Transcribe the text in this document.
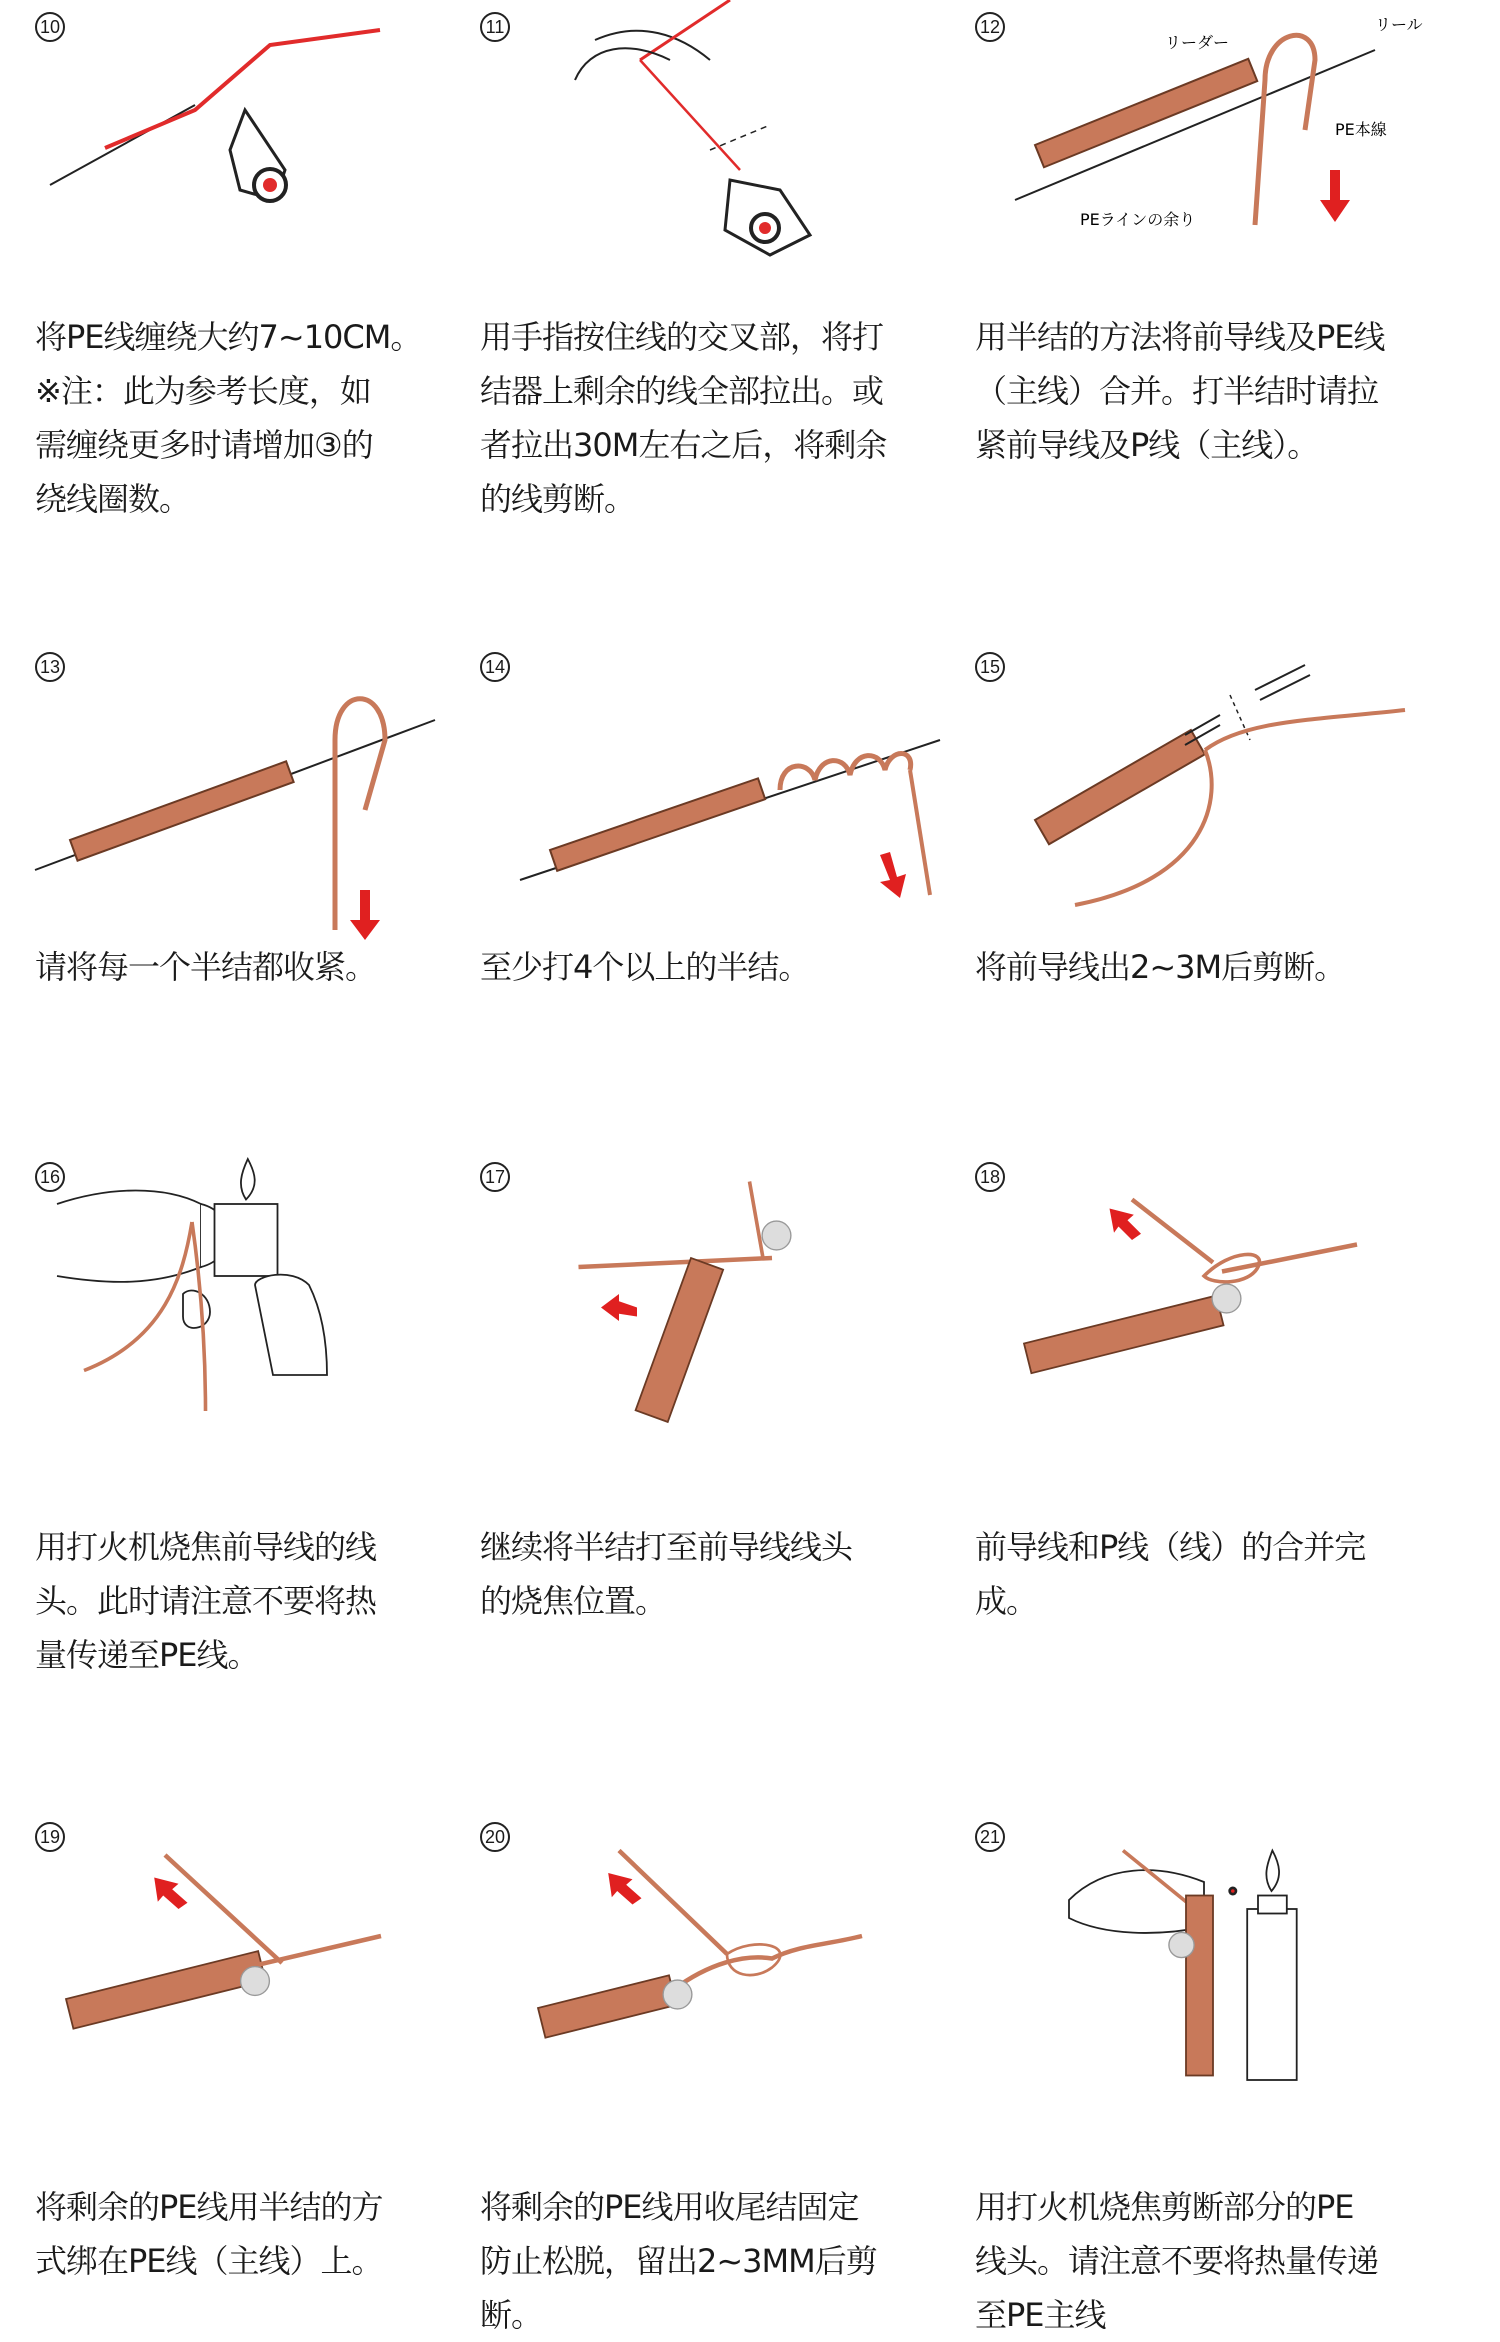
10
将PE线缠绕大约7~10CM。
※注：此为参考长度，如
需缠绕更多时请增加③的
绕线圈数。
11
用手指按住线的交叉部，将打
结器上剩余的线全部拉出。或
者拉出30M左右之后，将剩余
的线剪断。
リーダー
リール
PE本線
PEラインの余り
12
用半结的方法将前导线及PE线
（主线）合并。打半结时请拉
紧前导线及P线（主线）。
13
请将每一个半结都收紧。
14
至少打4个以上的半结。
15
将前导线出2~3M后剪断。
16
用打火机烧焦前导线的线
头。此时请注意不要将热
量传递至PE线。
17
继续将半结打至前导线线头
的烧焦位置。
18
前导线和P线（线）的合并完成。
19
将剩余的PE线用半结的方
式绑在PE线（主线）上。
20
将剩余的PE线用收尾结固定
防止松脱，留出2~3MM后剪断。
21
用打火机烧焦剪断部分的PE
线头。请注意不要将热量传递
至PE主线
